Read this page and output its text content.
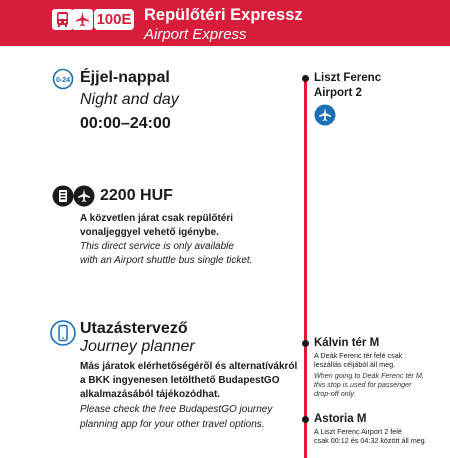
100E Repülőtéri Expressz
Airport Express
0-24 Éjjel-nappal
Night and day
00:00–24:00
2200 HUF
A közvetlen járat csak repülőtéri
vonaljeggyel vehető igénybe.
This direct service is only available
with an Airport shuttle bus single ticket.
Utazástervező
Journey planner
Más járatok elérhetőségéről és alternatívákról
a BKK ingyenesen letölthető BudapestGO
alkalmazásából tájékozódhat.
Please check the free BudapestGO journey
planning app for your other travel options.
Liszt Ferenc
Airport 2
Kálvin tér M
A Deák Ferenc tér felé csak
leszállás céljából áll meg.
When going to Deák Ferenc tér M,
this stop is used for passenger
drop-off only.
Astoria M
A Liszt Ferenc Airport 2 felé
csak 00:12 és 04:32 között áll meg.
